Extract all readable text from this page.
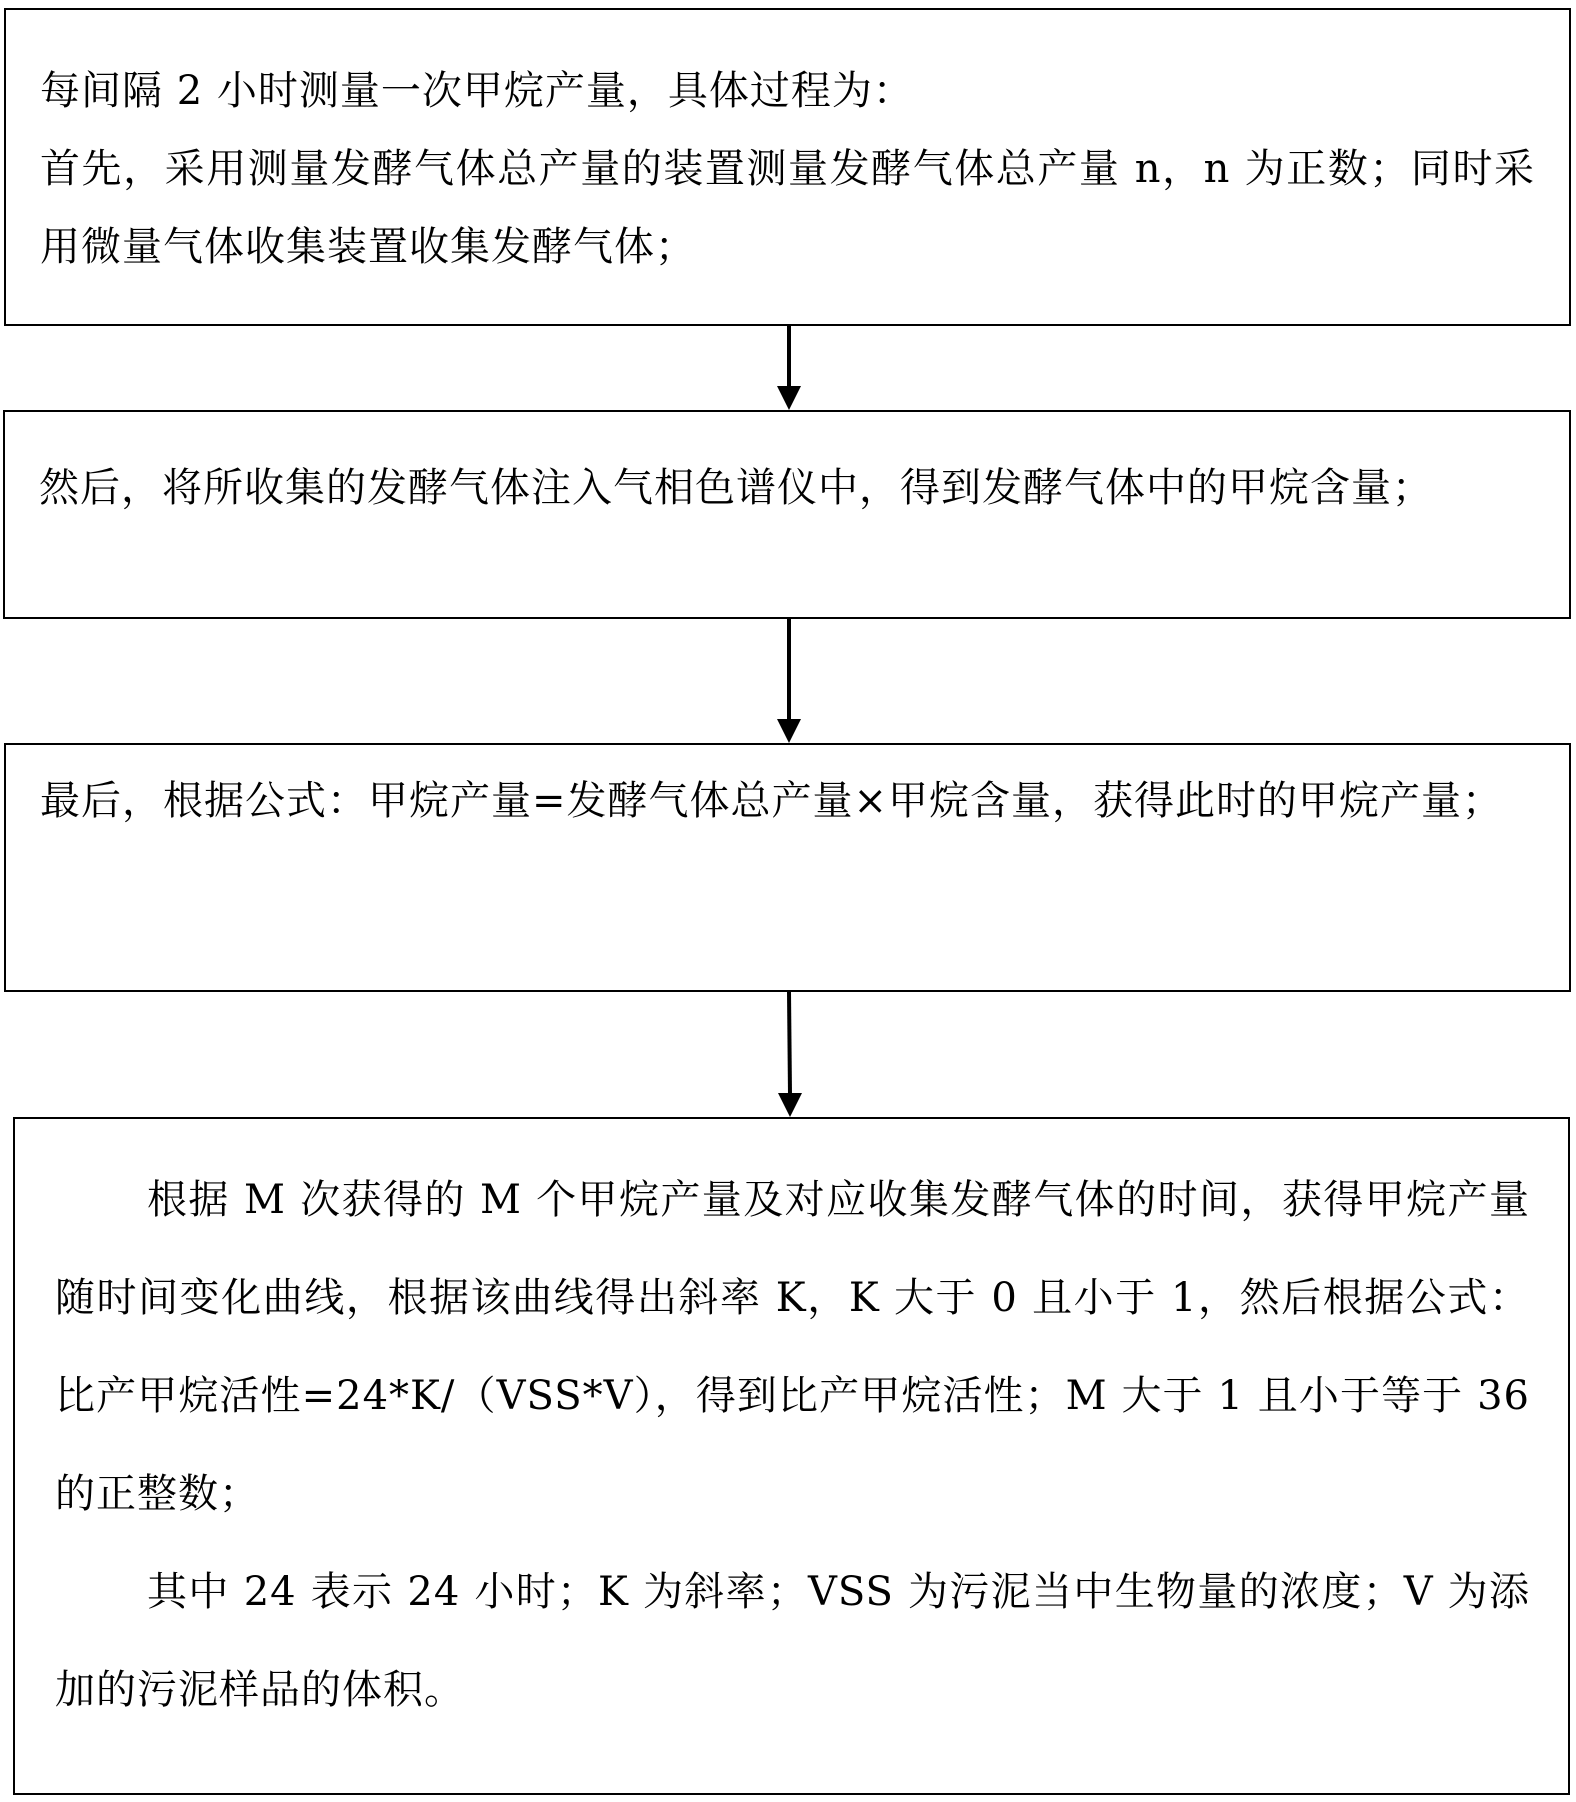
每间隔 2 小时测量一次甲烷产量，具体过程为：

首先，采用测量发酵气体总产量的装置测量发酵气体总产量 n，n 为正数；同时采用微量气体收集装置收集发酵气体；

然后，将所收集的发酵气体注入气相色谱仪中，得到发酵气体中的甲烷含量；

最后，根据公式：甲烷产量=发酵气体总产量×甲烷含量，获得此时的甲烷产量；

根据 M 次获得的 M 个甲烷产量及对应收集发酵气体的时间，获得甲烷产量随时间变化曲线，根据该曲线得出斜率 K，K 大于 0 且小于 1，然后根据公式：比产甲烷活性=24*K/（VSS*V），得到比产甲烷活性；M 大于 1 且小于等于 36 的正整数；

其中 24 表示 24 小时；K 为斜率；VSS 为污泥当中生物量的浓度；V 为添加的污泥样品的体积。
